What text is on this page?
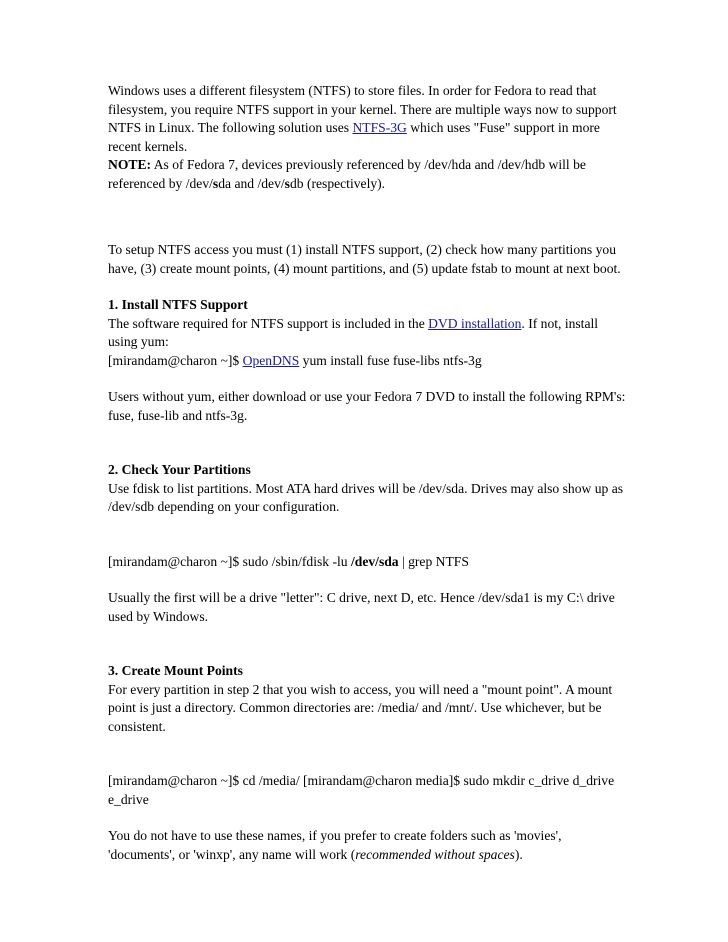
Windows uses a different filesystem (NTFS) to store files. In order for Fedora to read that filesystem, you require NTFS support in your kernel. There are multiple ways now to support NTFS in Linux. The following solution uses NTFS-3G which uses "Fuse" support in more recent kernels.
NOTE: As of Fedora 7, devices previously referenced by /dev/hda and /dev/hdb will be referenced by /dev/sda and /dev/sdb (respectively).

To setup NTFS access you must (1) install NTFS support, (2) check how many partitions you have, (3) create mount points, (4) mount partitions, and (5) update fstab to mount at next boot.

1. Install NTFS Support
The software required for NTFS support is included in the DVD installation. If not, install using yum:
[mirandam@charon ~]$ OpenDNS yum install fuse fuse-libs ntfs-3g

Users without yum, either download or use your Fedora 7 DVD to install the following RPM's: fuse, fuse-lib and ntfs-3g.

2. Check Your Partitions
Use fdisk to list partitions. Most ATA hard drives will be /dev/sda. Drives may also show up as /dev/sdb depending on your configuration.

[mirandam@charon ~]$ sudo /sbin/fdisk -lu /dev/sda | grep NTFS

Usually the first will be a drive "letter": C drive, next D, etc. Hence /dev/sda1 is my C:\ drive used by Windows.

3. Create Mount Points
For every partition in step 2 that you wish to access, you will need a "mount point". A mount point is just a directory. Common directories are: /media/ and /mnt/. Use whichever, but be consistent.

[mirandam@charon ~]$ cd /media/ [mirandam@charon media]$ sudo mkdir c_drive d_drive e_drive

You do not have to use these names, if you prefer to create folders such as 'movies', 'documents', or 'winxp', any name will work (recommended without spaces).
